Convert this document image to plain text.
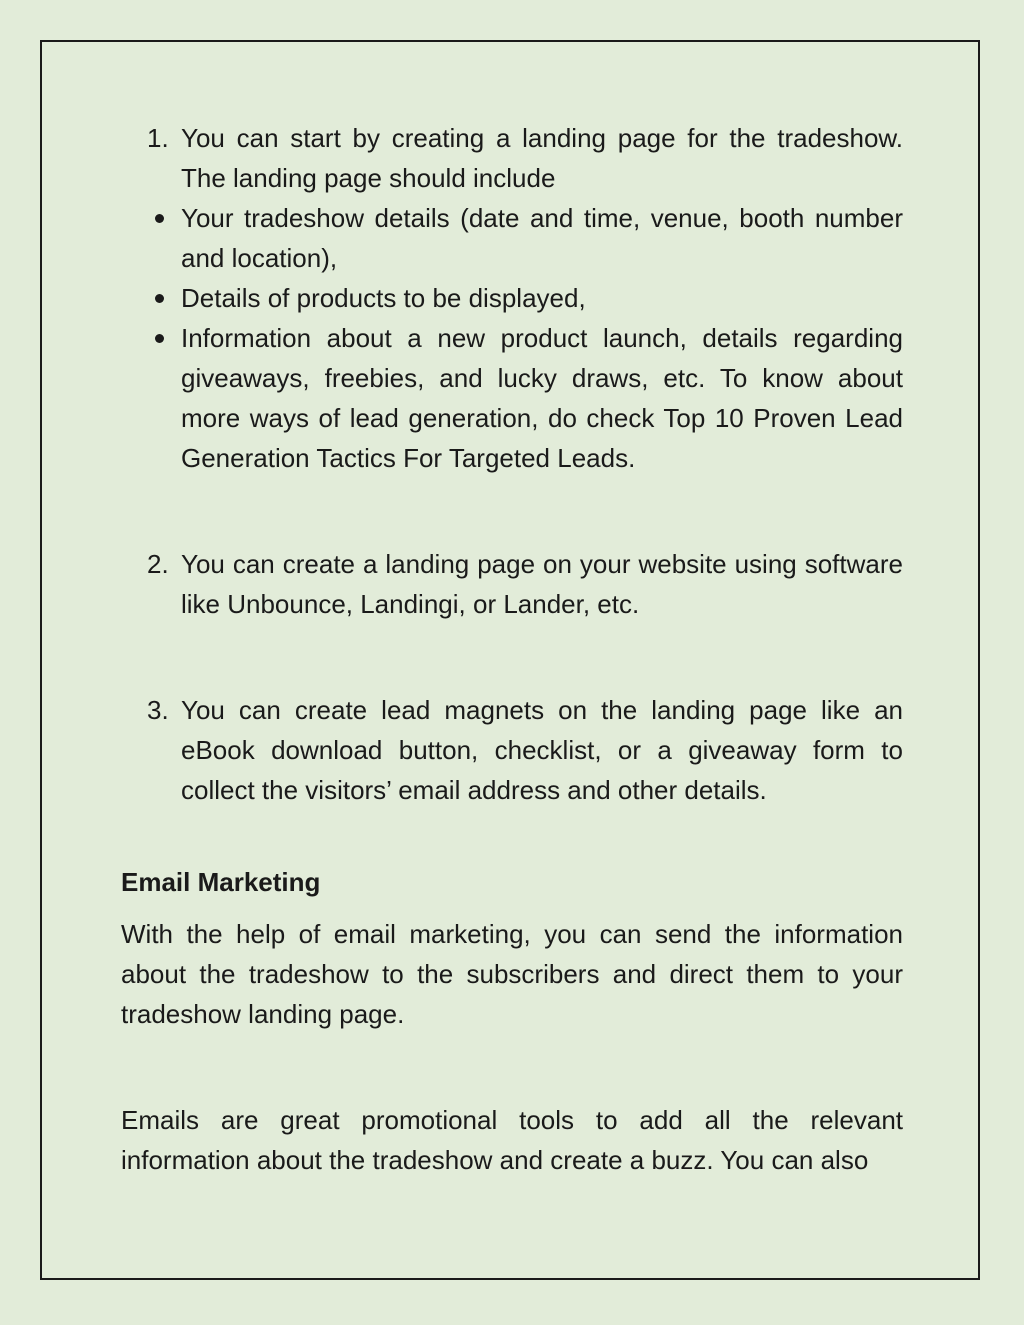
1. You can start by creating a landing page for the tradeshow. The landing page should include
Your tradeshow details (date and time, venue, booth number and location),
Details of products to be displayed,
Information about a new product launch, details regarding giveaways, freebies, and lucky draws, etc. To know about more ways of lead generation, do check Top 10 Proven Lead Generation Tactics For Targeted Leads.
2. You can create a landing page on your website using software like Unbounce, Landingi, or Lander, etc.
3. You can create lead magnets on the landing page like an eBook download button, checklist, or a giveaway form to collect the visitors’ email address and other details.
Email Marketing

With the help of email marketing, you can send the information about the tradeshow to the subscribers and direct them to your tradeshow landing page.

Emails are great promotional tools to add all the relevant information about the tradeshow and create a buzz. You can also
